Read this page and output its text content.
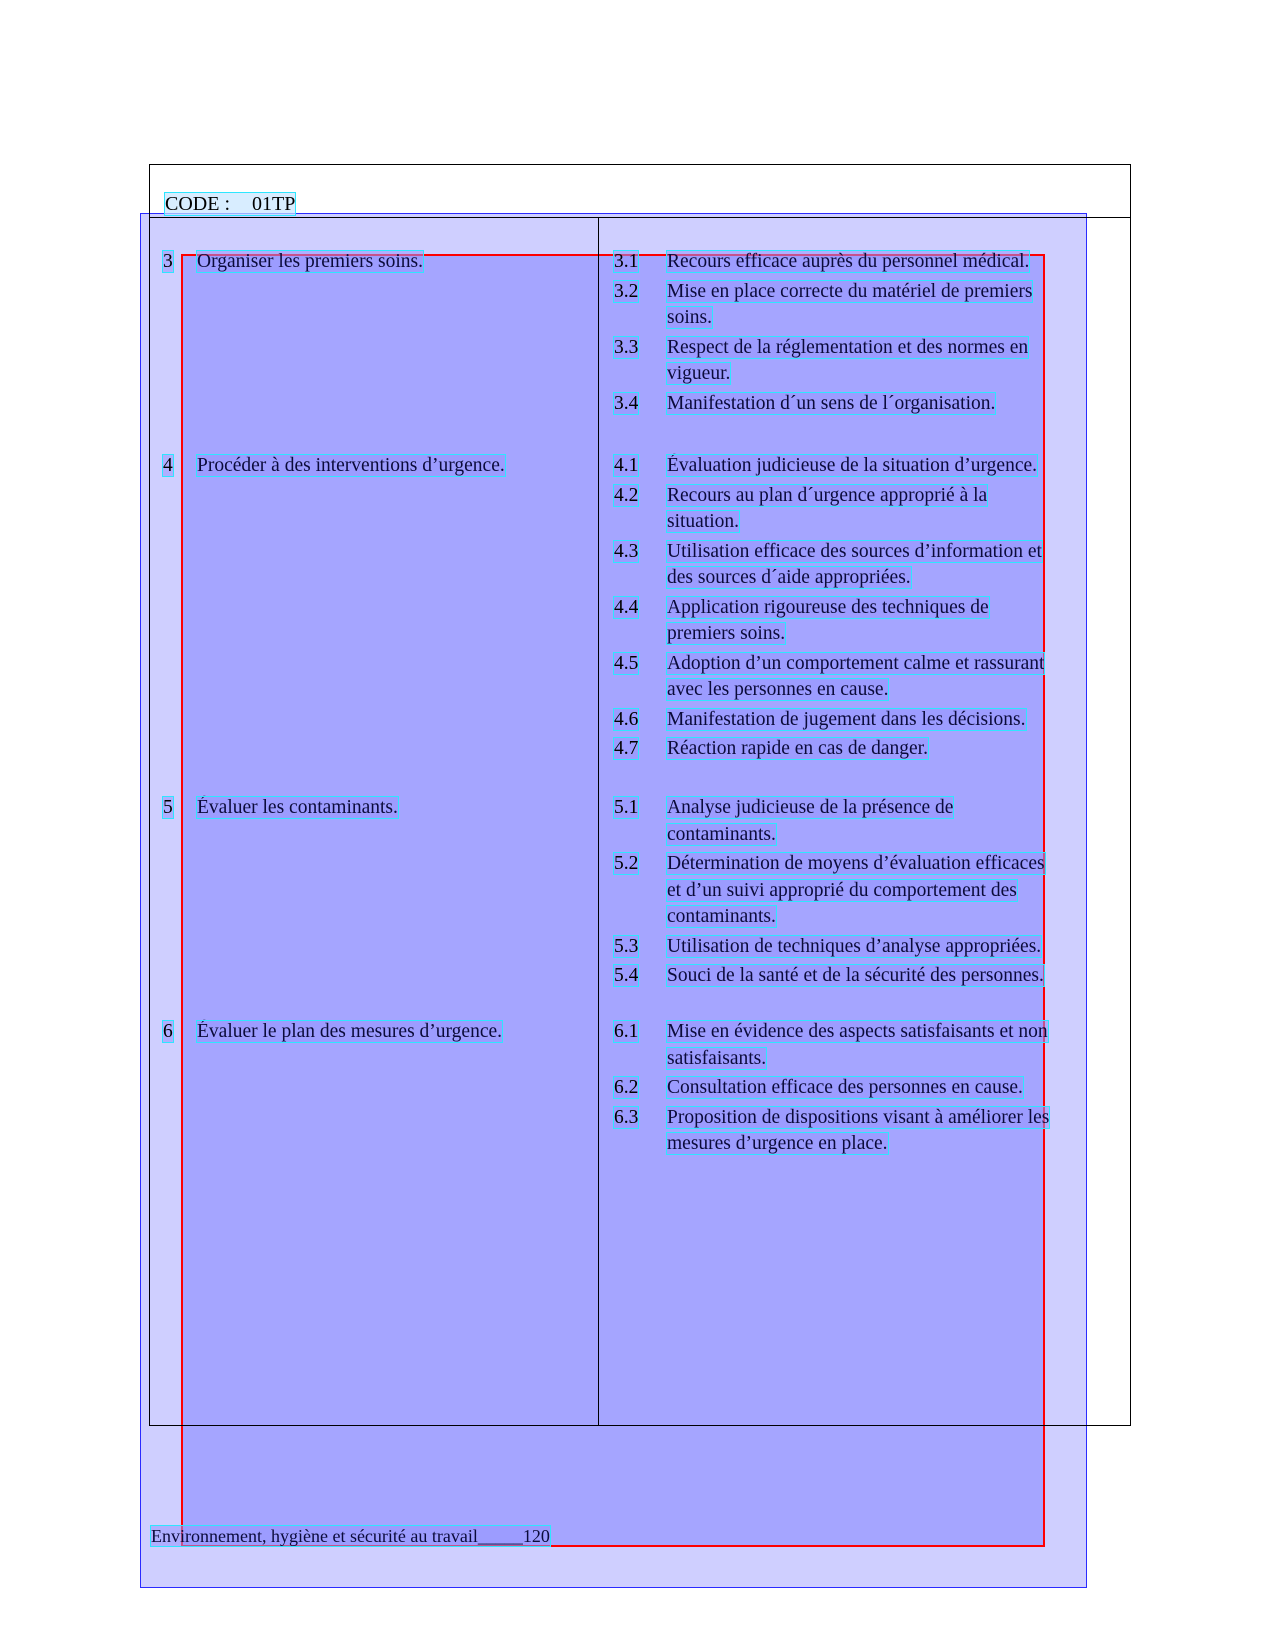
CODE : 01TP
3 Organiser les premiers soins.	3.1 Recours efficace auprès du personnel médical.
3.2 Mise en place correcte du matériel de premiers
soins.
3.3 Respect de la réglementation et des normes en
vigueur.
3.4 Manifestation d´un sens de l´organisation.
4 Procéder à des interventions d’urgence.	4.1 Évaluation judicieuse de la situation d’urgence.
4.2 Recours au plan d´urgence approprié à la
situation.
4.3 Utilisation efficace des sources d’information et
des sources d´aide appropriées.
4.4 Application rigoureuse des techniques de
premiers soins.
4.5 Adoption d’un comportement calme et rassurant
avec les personnes en cause.
4.6 Manifestation de jugement dans les décisions.
4.7 Réaction rapide en cas de danger.
5 Évaluer les contaminants.	5.1 Analyse judicieuse de la présence de
contaminants.
5.2 Détermination de moyens d’évaluation efficaces
et d’un suivi approprié du comportement des
contaminants.
5.3 Utilisation de techniques d’analyse appropriées.
5.4 Souci de la santé et de la sécurité des personnes.
6 Évaluer le plan des mesures d’urgence.	6.1 Mise en évidence des aspects satisfaisants et non
satisfaisants.
6.2 Consultation efficace des personnes en cause.
6.3 Proposition de dispositions visant à améliorer les
mesures d’urgence en place.
Environnement, hygiène et sécurité au travail_____120
